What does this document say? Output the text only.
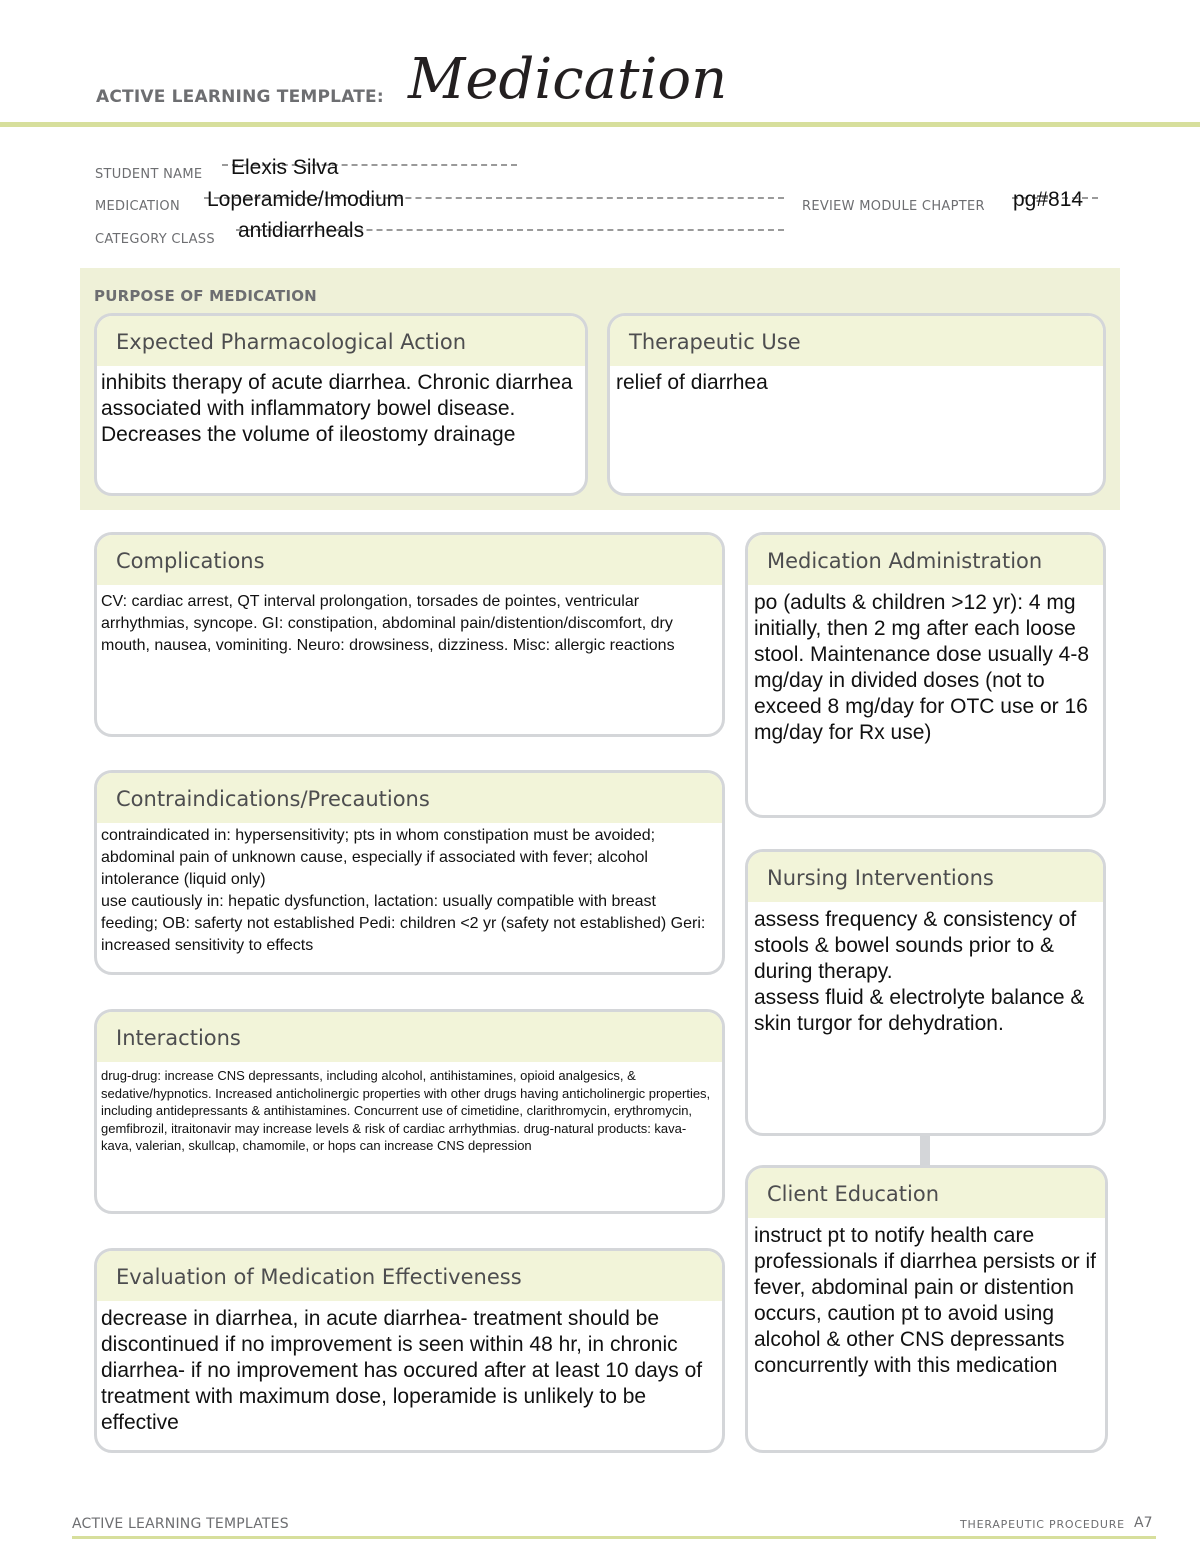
ACTIVE LEARNING TEMPLATE: Medication
STUDENT NAME Elexis Silva
MEDICATION Loperamide/Imodium	REVIEW MODULE CHAPTER pg#814
CATEGORY CLASS antidiarrheals
PURPOSE OF MEDICATION
Expected Pharmacological Action
inhibits therapy of acute diarrhea. Chronic diarrhea associated with inflammatory bowel disease. Decreases the volume of ileostomy drainage
Therapeutic Use
relief of diarrhea
Complications
CV: cardiac arrest, QT interval prolongation, torsades de pointes, ventricular arrhythmias, syncope. GI: constipation, abdominal pain/distention/discomfort, dry mouth, nausea, vominiting. Neuro: drowsiness, dizziness. Misc: allergic reactions
Contraindications/Precautions
contraindicated in: hypersensitivity; pts in whom constipation must be avoided; abdominal pain of unknown cause, especially if associated with fever; alcohol intolerance (liquid only)
use cautiously in: hepatic dysfunction, lactation: usually compatible with breast feeding; OB: saferty not established Pedi: children <2 yr (safety not established) Geri: increased sensitivity to effects
Interactions
drug-drug: increase CNS depressants, including alcohol, antihistamines, opioid analgesics, & sedative/hypnotics. Increased anticholinergic properties with other drugs having anticholinergic properties, including antidepressants & antihistamines. Concurrent use of cimetidine, clarithromycin, erythromycin, gemfibrozil, itraitonavir may increase levels & risk of cardiac arrhythmias. drug-natural products: kava-kava, valerian, skullcap, chamomile, or hops can increase CNS depression
Evaluation of Medication Effectiveness
decrease in diarrhea, in acute diarrhea- treatment should be discontinued if no improvement is seen within 48 hr, in chronic diarrhea- if no improvement has occured after at least 10 days of treatment with maximum dose, loperamide is unlikely to be effective
Medication Administration
po (adults & children >12 yr): 4 mg initially, then 2 mg after each loose stool. Maintenance dose usually 4-8 mg/day in divided doses (not to exceed 8 mg/day for OTC use or 16 mg/day for Rx use)
Nursing Interventions
assess frequency & consistency of stools & bowel sounds prior to & during therapy.
assess fluid & electrolyte balance & skin turgor for dehydration.
Client Education
instruct pt to notify health care professionals if diarrhea persists or if fever, abdominal pain or distention occurs, caution pt to avoid using alcohol & other CNS depressants concurrently with this medication
ACTIVE LEARNING TEMPLATES	THERAPEUTIC PROCEDURE A7
